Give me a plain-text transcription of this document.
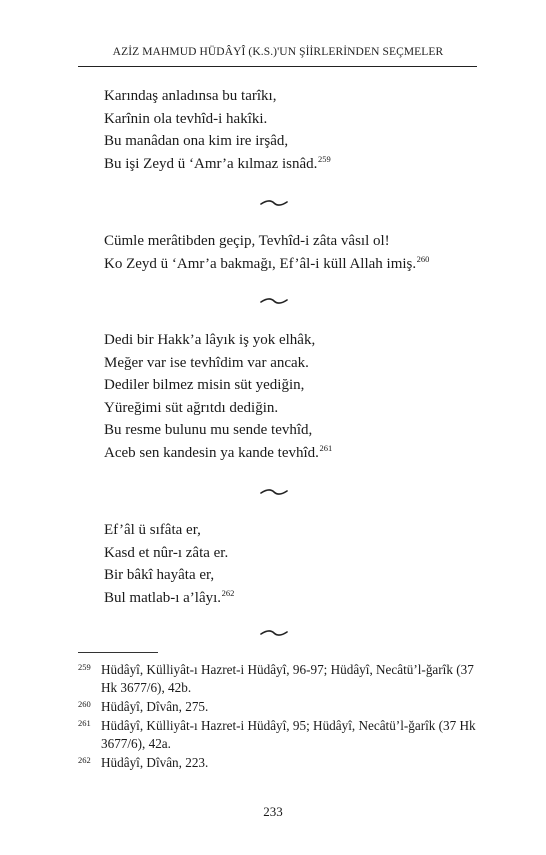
AZİZ MAHMUD HÜDÂYÎ (K.S.)'UN ŞİİRLERİNDEN SEÇMELER
Karındaş anladınsa bu tarîkı,
Karînin ola tevhîd-i hakîki.
Bu manâdan ona kim ire irşâd,
Bu işi Zeyd ü ‘Amr’a kılmaz isnâd.$^{259}$
Cümle merâtibden geçip, Tevhîd-i zâta vâsıl ol!
Ko Zeyd ü ‘Amr’a bakmağı, Ef’âl-i küll Allah imiş.$^{260}$
Dedi bir Hakk’a lâyık iş yok elhâk,
Meğer var ise tevhîdim var ancak.
Dediler bilmez misin süt yediğin,
Yüreğimi süt ağrıtdı dediğin.
Bu resme bulunu mu sende tevhîd,
Aceb sen kandesin ya kande tevhîd.$^{261}$
Ef’âl ü sıfâta er,
Kasd et nûr-ı zâta er.
Bir bâkî hayâta er,
Bul matlab-ı a’lâyı.$^{262}$
259 Hüdâyî, Külliyât-ı Hazret-i Hüdâyî, 96-97; Hüdâyî, Necâtü’l-ğarîk (37 Hk 3677/6), 42b.
260 Hüdâyî, Dîvân, 275.
261 Hüdâyî, Külliyât-ı Hazret-i Hüdâyî, 95; Hüdâyî, Necâtü’l-ğarîk (37 Hk 3677/6), 42a.
262 Hüdâyî, Dîvân, 223.
233
